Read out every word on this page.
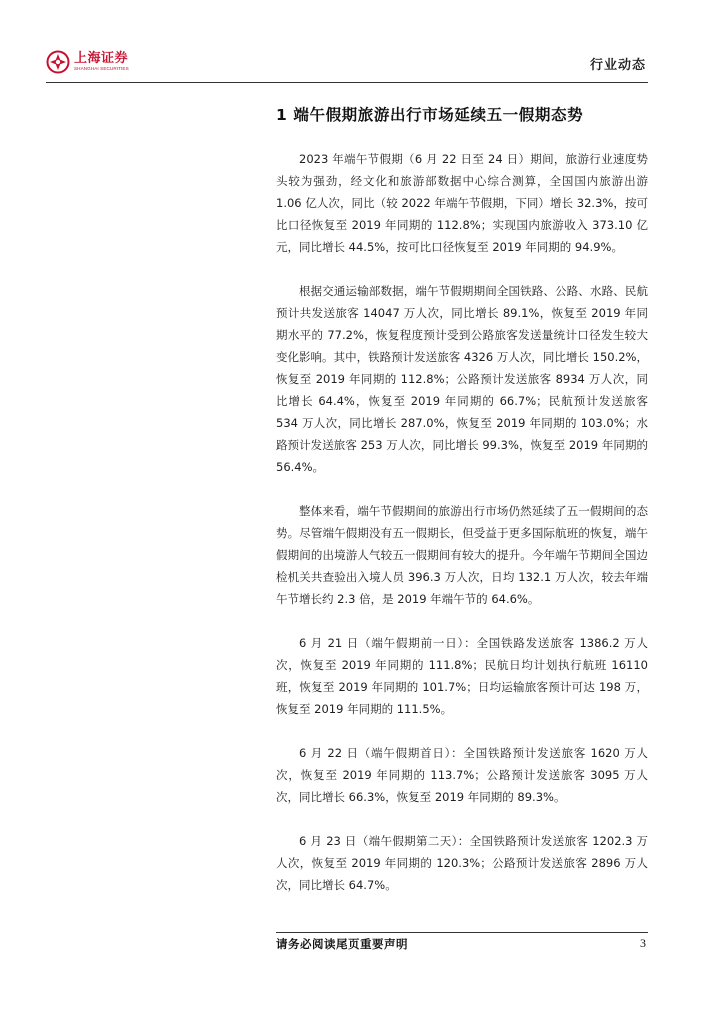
上海证券
SHANGHAI SECURITIES	行业动态
1 端午假期旅游出行市场延续五一假期态势

2023 年端午节假期（6 月 22 日至 24 日）期间，旅游行业速度势头较为强劲，经文化和旅游部数据中心综合测算，全国国内旅游出游 1.06 亿人次，同比（较 2022 年端午节假期，下同）增长 32.3%，按可比口径恢复至 2019 年同期的 112.8%；实现国内旅游收入 373.10 亿元，同比增长 44.5%，按可比口径恢复至 2019 年同期的 94.9%。

根据交通运输部数据，端午节假期期间全国铁路、公路、水路、民航预计共发送旅客 14047 万人次，同比增长 89.1%，恢复至 2019 年同期水平的 77.2%，恢复程度预计受到公路旅客发送量统计口径发生较大变化影响。其中，铁路预计发送旅客 4326 万人次，同比增长 150.2%，恢复至 2019 年同期的 112.8%；公路预计发送旅客 8934 万人次，同比增长 64.4%，恢复至 2019 年同期的 66.7%；民航预计发送旅客 534 万人次，同比增长 287.0%，恢复至 2019 年同期的 103.0%；水路预计发送旅客 253 万人次，同比增长 99.3%，恢复至 2019 年同期的 56.4%。

整体来看，端午节假期间的旅游出行市场仍然延续了五一假期间的态势。尽管端午假期没有五一假期长，但受益于更多国际航班的恢复，端午假期间的出境游人气较五一假期间有较大的提升。今年端午节期间全国边检机关共查验出入境人员 396.3 万人次，日均 132.1 万人次，较去年端午节增长约 2.3 倍，是 2019 年端午节的 64.6%。

6 月 21 日（端午假期前一日）：全国铁路发送旅客 1386.2 万人次，恢复至 2019 年同期的 111.8%；民航日均计划执行航班 16110 班，恢复至 2019 年同期的 101.7%；日均运输旅客预计可达 198 万，恢复至 2019 年同期的 111.5%。

6 月 22 日（端午假期首日）：全国铁路预计发送旅客 1620 万人次，恢复至 2019 年同期的 113.7%；公路预计发送旅客 3095 万人次，同比增长 66.3%，恢复至 2019 年同期的 89.3%。

6 月 23 日（端午假期第二天）：全国铁路预计发送旅客 1202.3 万人次，恢复至 2019 年同期的 120.3%；公路预计发送旅客 2896 万人次，同比增长 64.7%。

请务必阅读尾页重要声明	3
